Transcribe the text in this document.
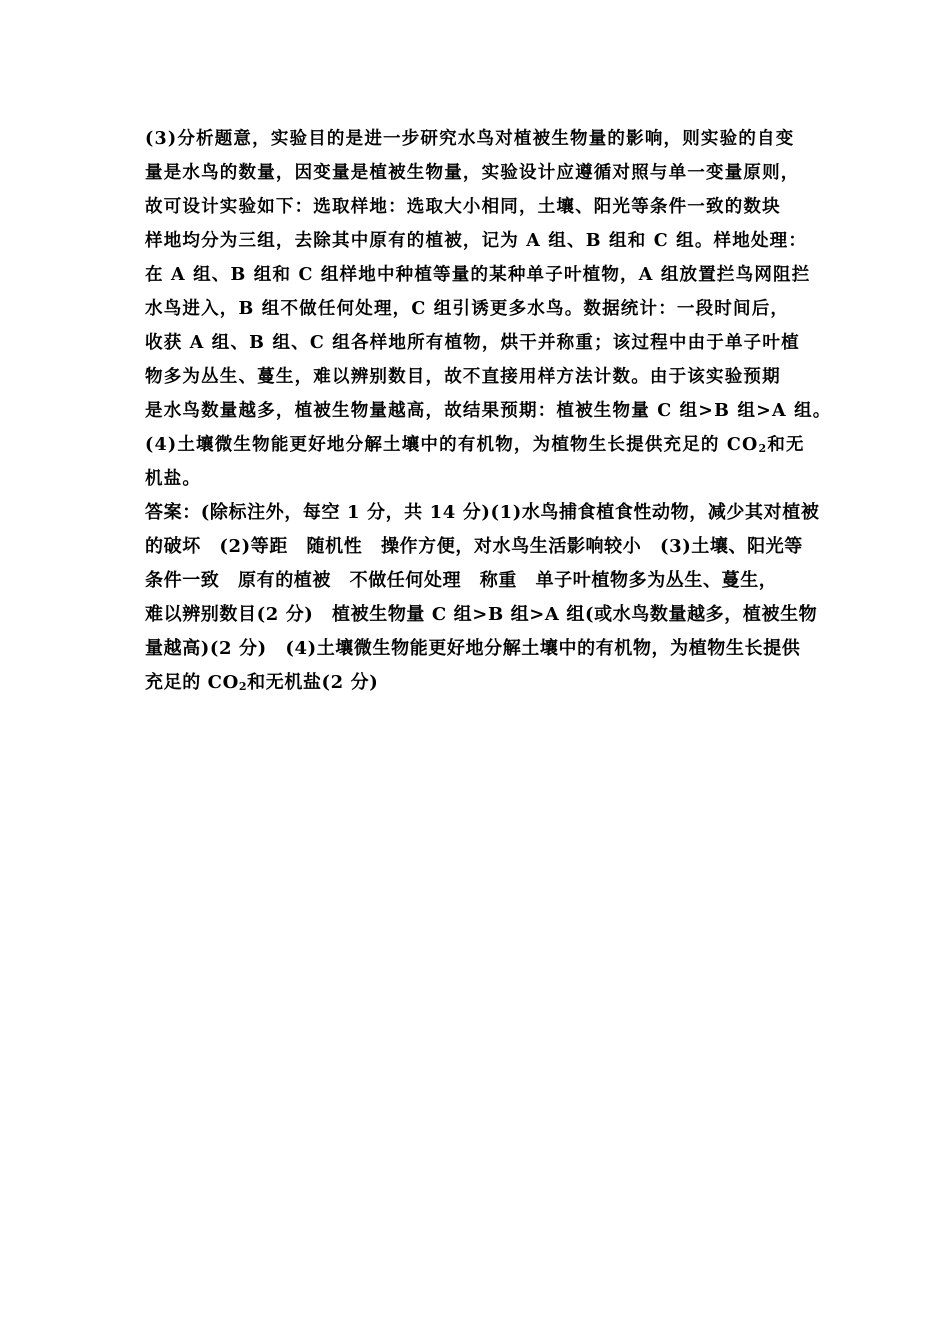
(3)分析题意，实验目的是进一步研究水鸟对植被生物量的影响，则实验的自变
量是水鸟的数量，因变量是植被生物量，实验设计应遵循对照与单一变量原则，
故可设计实验如下：选取样地：选取大小相同，土壤、阳光等条件一致的数块
样地均分为三组，去除其中原有的植被，记为 A 组、B 组和 C 组。样地处理：
在 A 组、B 组和 C 组样地中种植等量的某种单子叶植物，A 组放置拦鸟网阻拦
水鸟进入，B 组不做任何处理，C 组引诱更多水鸟。数据统计：一段时间后，
收获 A 组、B 组、C 组各样地所有植物，烘干并称重；该过程中由于单子叶植
物多为丛生、蔓生，难以辨别数目，故不直接用样方法计数。由于该实验预期
是水鸟数量越多，植被生物量越高，故结果预期：植被生物量 C 组>B 组>A 组。
(4)土壤微生物能更好地分解土壤中的有机物，为植物生长提供充足的 CO2和无
机盐。
答案：(除标注外，每空 1 分，共 14 分)(1)水鸟捕食植食性动物，减少其对植被
的破坏　(2)等距　随机性　操作方便，对水鸟生活影响较小　(3)土壤、阳光等
条件一致　原有的植被　不做任何处理　称重　单子叶植物多为丛生、蔓生，
难以辨别数目(2 分)　植被生物量 C 组>B 组>A 组(或水鸟数量越多，植被生物
量越高)(2 分)　(4)土壤微生物能更好地分解土壤中的有机物，为植物生长提供
充足的 CO2和无机盐(2 分)
